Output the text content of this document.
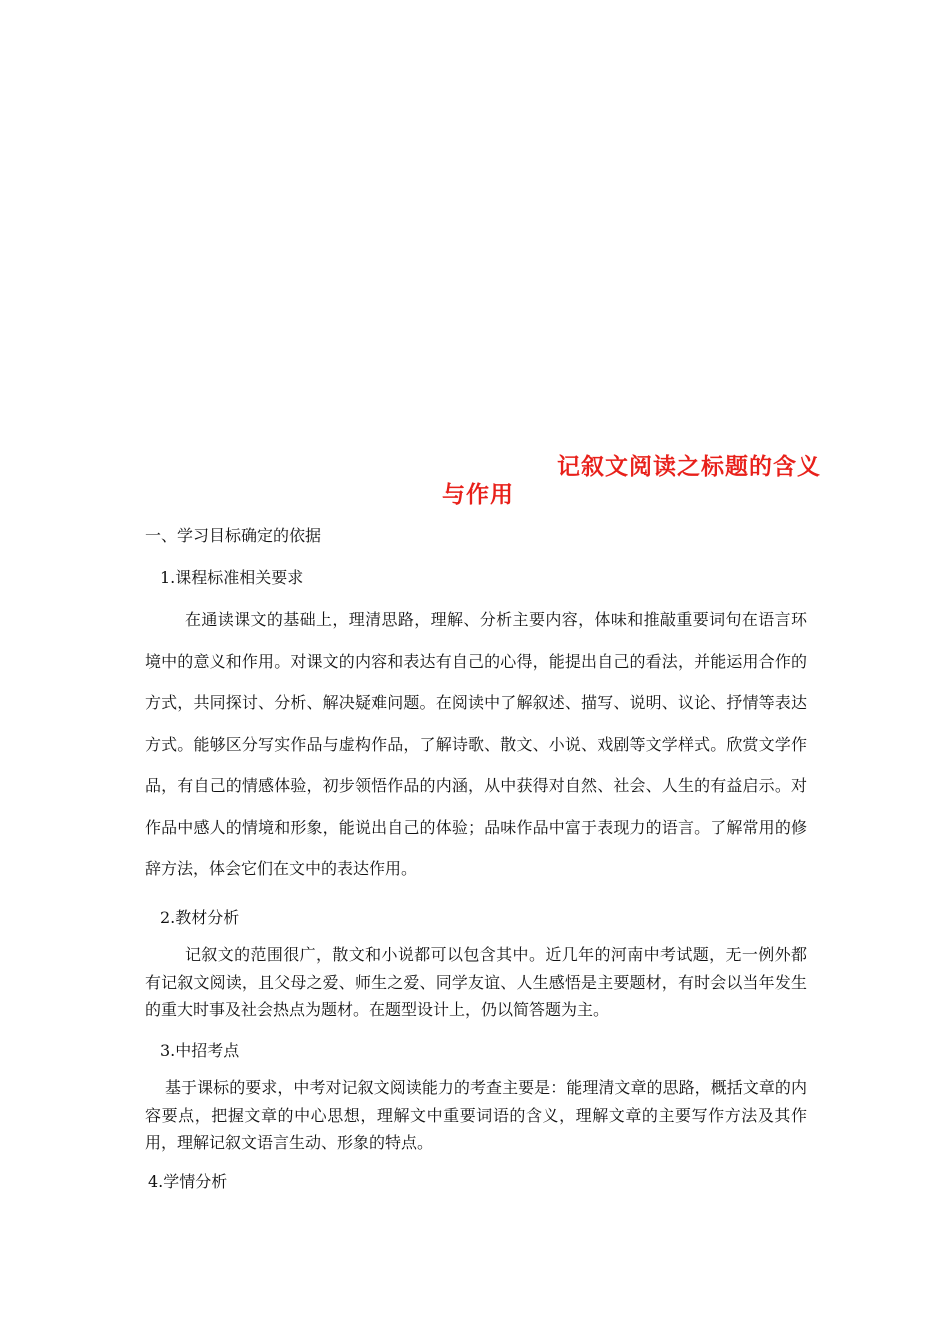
记叙文阅读之标题的含义
与作用
一、学习目标确定的依据
1.课程标准相关要求
在通读课文的基础上，理清思路，理解、分析主要内容，体味和推敲重要词句在语言环境中的意义和作用。对课文的内容和表达有自己的心得，能提出自己的看法，并能运用合作的方式，共同探讨、分析、解决疑难问题。在阅读中了解叙述、描写、说明、议论、抒情等表达方式。能够区分写实作品与虚构作品，了解诗歌、散文、小说、戏剧等文学样式。欣赏文学作品，有自己的情感体验，初步领悟作品的内涵，从中获得对自然、社会、人生的有益启示。对作品中感人的情境和形象，能说出自己的体验；品味作品中富于表现力的语言。了解常用的修辞方法，体会它们在文中的表达作用。
2.教材分析
记叙文的范围很广，散文和小说都可以包含其中。近几年的河南中考试题，无一例外都有记叙文阅读，且父母之爱、师生之爱、同学友谊、人生感悟是主要题材，有时会以当年发生的重大时事及社会热点为题材。在题型设计上，仍以简答题为主。
3.中招考点
基于课标的要求，中考对记叙文阅读能力的考查主要是：能理清文章的思路，概括文章的内容要点，把握文章的中心思想，理解文中重要词语的含义，理解文章的主要写作方法及其作用，理解记叙文语言生动、形象的特点。
4.学情分析
